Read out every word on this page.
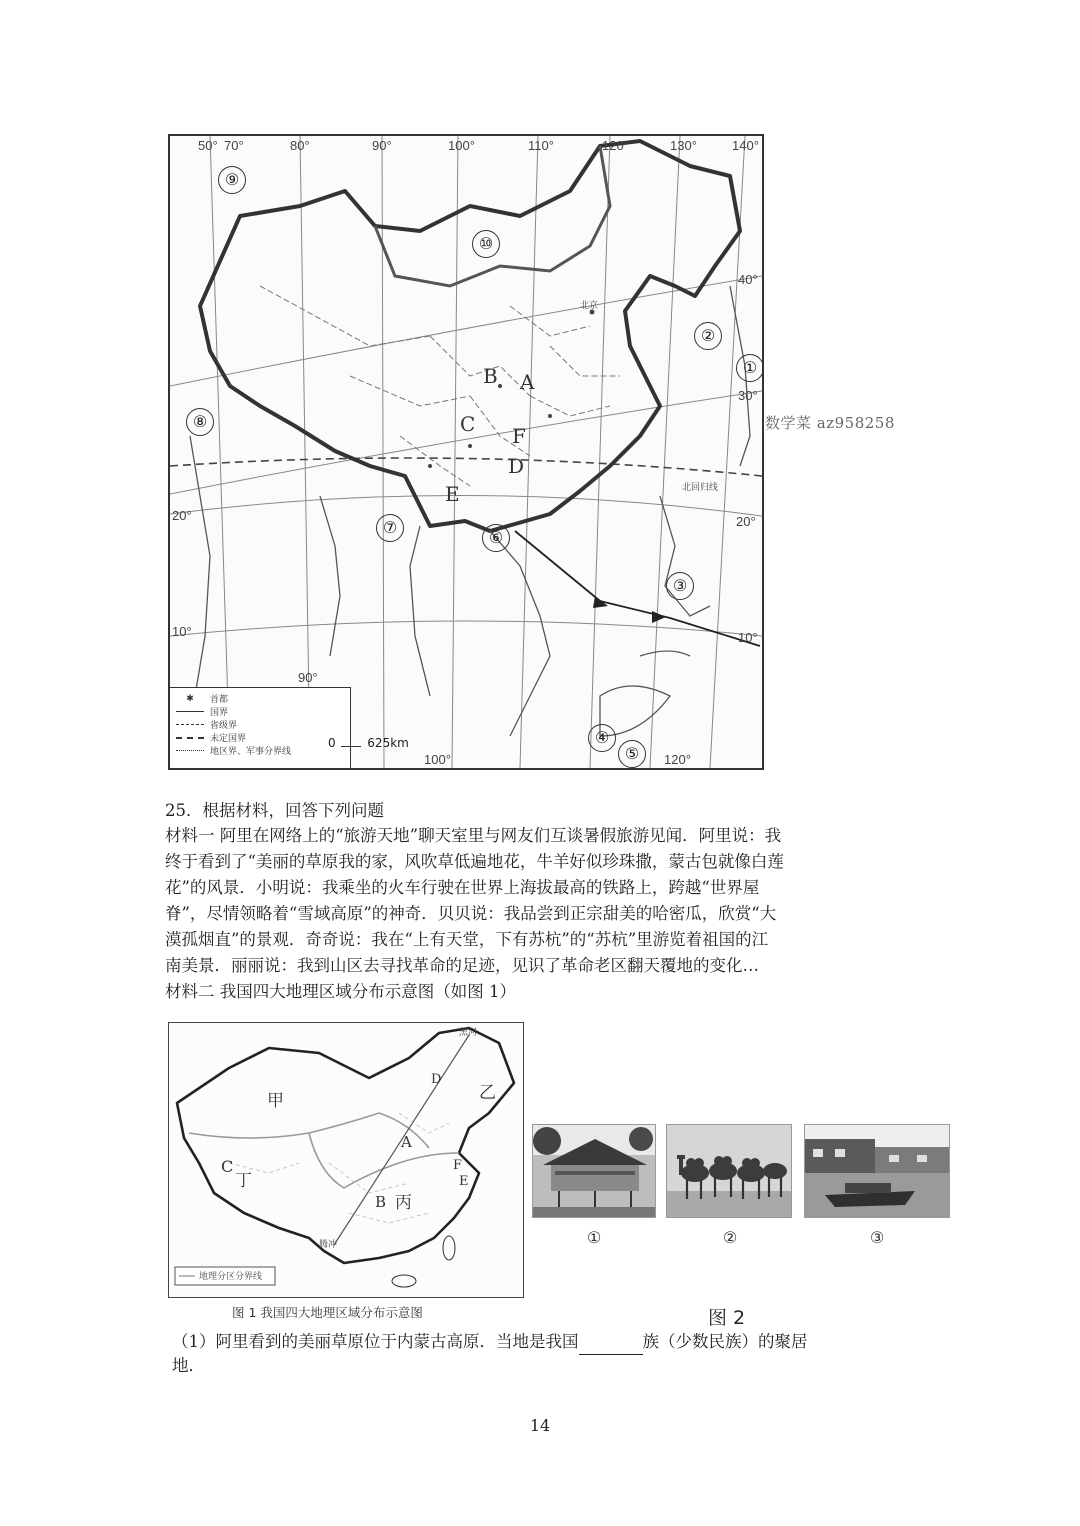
50° 70°	80°	90°	100°	110°	120°	130°	140°
40°
30°
20°
10°
20°
10°
90°
100°	120°
B A
C F
D
E
⑨
⑩
②
①
⑧
⑦
⑥
③
④
⑤
北京
北回归线
✱	首都
国界
省级界
未定国界
地区界、军事分界线
0	625km
数学菜 az958258
25．根据材料，回答下列问题
材料一 阿里在网络上的“旅游天地”聊天室里与网友们互谈暑假旅游见闻．阿里说：我
终于看到了“美丽的草原我的家，风吹草低遍地花，牛羊好似珍珠撒，蒙古包就像白莲
花”的风景．小明说：我乘坐的火车行驶在世界上海拔最高的铁路上，跨越“世界屋
脊”，尽情领略着“雪域高原”的神奇．贝贝说：我品尝到正宗甜美的哈密瓜，欣赏“大
漠孤烟直”的景观．奇奇说：我在“上有天堂，下有苏杭”的“苏杭”里游览着祖国的江
南美景．丽丽说：我到山区去寻找革命的足迹，见识了革命老区翻天覆地的变化…
材料二 我国四大地理区域分布示意图（如图 1）
甲	乙
C
丁
A
B 丙
D
E
F
黑河
腾冲
地理分区分界线
图 1 我国四大地理区域分布示意图
①	②	③
图 2
（1）阿里看到的美丽草原位于内蒙古高原．当地是我国	族（少数民族）的聚居
地．
14
